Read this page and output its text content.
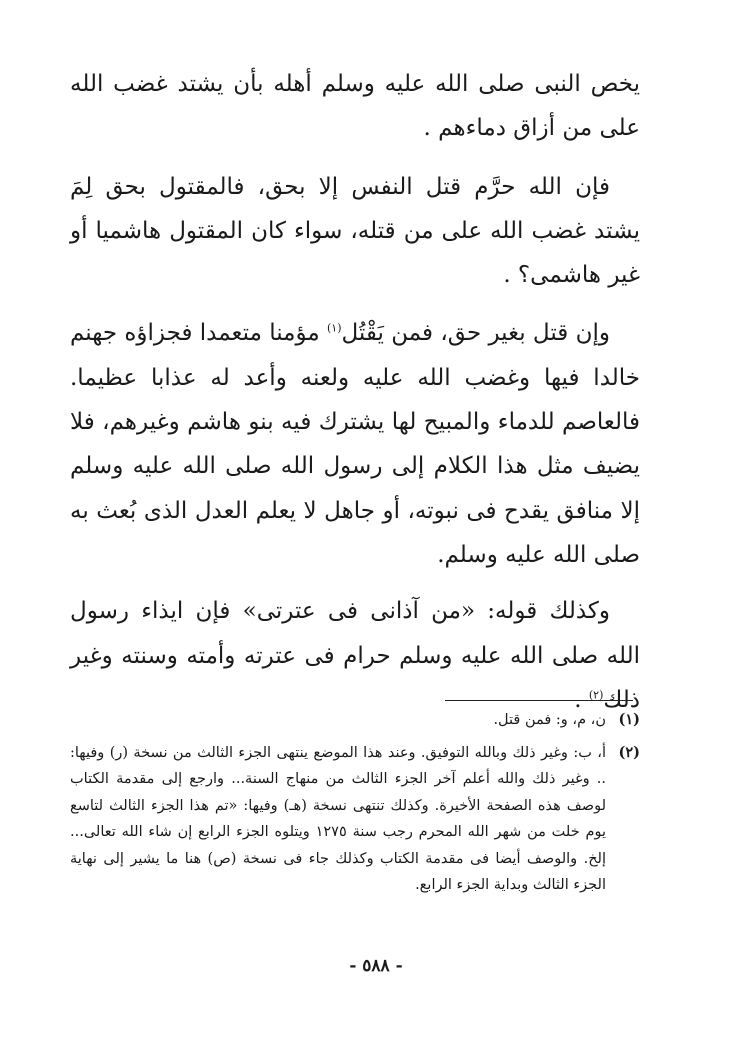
يخص النبى صلى الله عليه وسلم أهله بأن يشتد غضب الله على من أزاق دماءهم .

فإن الله حرَّم قتل النفس إلا بحق، فالمقتول بحق لِمَ يشتد غضب الله على من قتله، سواء كان المقتول هاشميا أو غير هاشمى؟ .

وإن قتل بغير حق، فمن يَقْتُل$^{(١)}$ مؤمنا متعمدا فجزاؤه جهنم خالدا فيها وغضب الله عليه ولعنه وأعد له عذابا عظيما. فالعاصم للدماء والمبيح لها يشترك فيه بنو هاشم وغيرهم، فلا يضيف مثل هذا الكلام إلى رسول الله صلى الله عليه وسلم إلا منافق يقدح فى نبوته، أو جاهل لا يعلم العدل الذى بُعث به صلى الله عليه وسلم.

وكذلك قوله: «من آذانى فى عترتى» فإن ايذاء رسول الله صلى الله عليه وسلم حرام فى عترته وأمته وسنته وغير ذلك$^{(٢)}$ .

(١)
ن، م، و: فمن قتل.
(٢)
أ، ب: وغير ذلك وبالله التوفيق. وعند هذا الموضع ينتهى الجزء الثالث من نسخة (ر) وفيها: .. وغير ذلك والله أعلم آخر الجزء الثالث من منهاج السنة... وارجع إلى مقدمة الكتاب لوصف هذه الصفحة الأخيرة. وكذلك تنتهى نسخة (هـ) وفيها: «تم هذا الجزء الثالث لتاسع يوم خلت من شهر الله المحرم رجب سنة ١٢٧٥ ويتلوه الجزء الرابع إن شاء الله تعالى... إلخ. والوصف أيضا فى مقدمة الكتاب وكذلك جاء فى نسخة (ص) هنا ما يشير إلى نهاية الجزء الثالث وبداية الجزء الرابع.
- ٥٨٨ -
